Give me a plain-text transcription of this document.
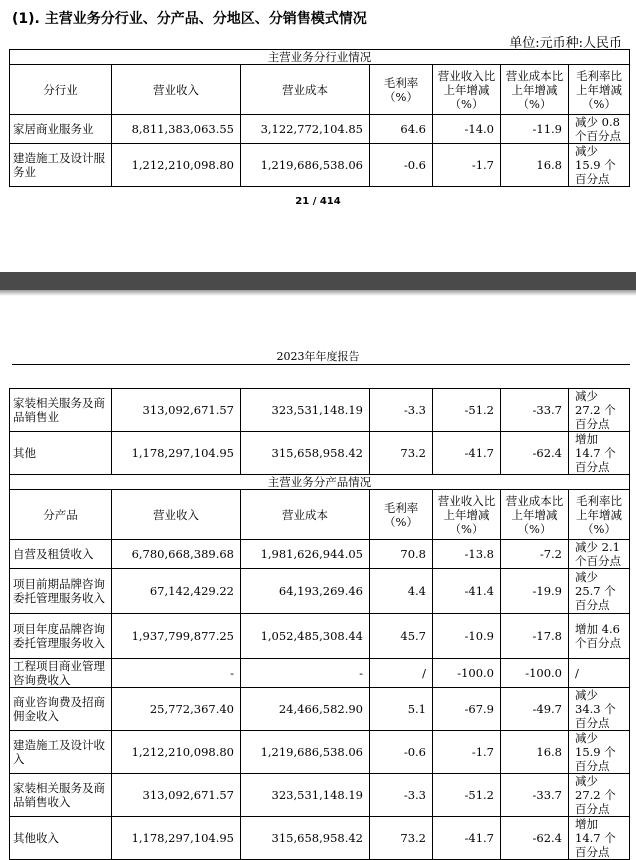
(1). 主营业务分行业、分产品、分地区、分销售模式情况
单位:元币种:人民币
主营业务分行业情况						
分行业	营业收入	营业成本	毛利率（%）	营业收入比上年增减（%）	营业成本比上年增减（%）	毛利率比上年增减（%）
家居商业服务业	8,811,383,063.55	3,122,772,104.85	64.6	-14.0	-11.9	减少 0.8 个百分点
建造施工及设计服务业	1,212,210,098.80	1,219,686,538.06	-0.6	-1.7	16.8	减少 15.9 个百分点
21 / 414
2023年年度报告
家装相关服务及商品销售业	313,092,671.57	323,531,148.19	-3.3	-51.2	-33.7	减少 27.2 个百分点
其他	1,178,297,104.95	315,658,958.42	73.2	-41.7	-62.4	增加 14.7 个百分点
主营业务分产品情况						
分产品	营业收入	营业成本	毛利率（%）	营业收入比上年增减（%）	营业成本比上年增减（%）	毛利率比上年增减（%）
自营及租赁收入	6,780,668,389.68	1,981,626,944.05	70.8	-13.8	-7.2	减少 2.1 个百分点
项目前期品牌咨询委托管理服务收入	67,142,429.22	64,193,269.46	4.4	-41.4	-19.9	减少 25.7 个百分点
项目年度品牌咨询委托管理服务收入	1,937,799,877.25	1,052,485,308.44	45.7	-10.9	-17.8	增加 4.6 个百分点
工程项目商业管理咨询费收入	-	-	/	-100.0	-100.0	/
商业咨询费及招商佣金收入	25,772,367.40	24,466,582.90	5.1	-67.9	-49.7	减少 34.3 个百分点
建造施工及设计收入	1,212,210,098.80	1,219,686,538.06	-0.6	-1.7	16.8	减少 15.9 个百分点
家装相关服务及商品销售收入	313,092,671.57	323,531,148.19	-3.3	-51.2	-33.7	减少 27.2 个百分点
其他收入	1,178,297,104.95	315,658,958.42	73.2	-41.7	-62.4	增加 14.7 个百分点
